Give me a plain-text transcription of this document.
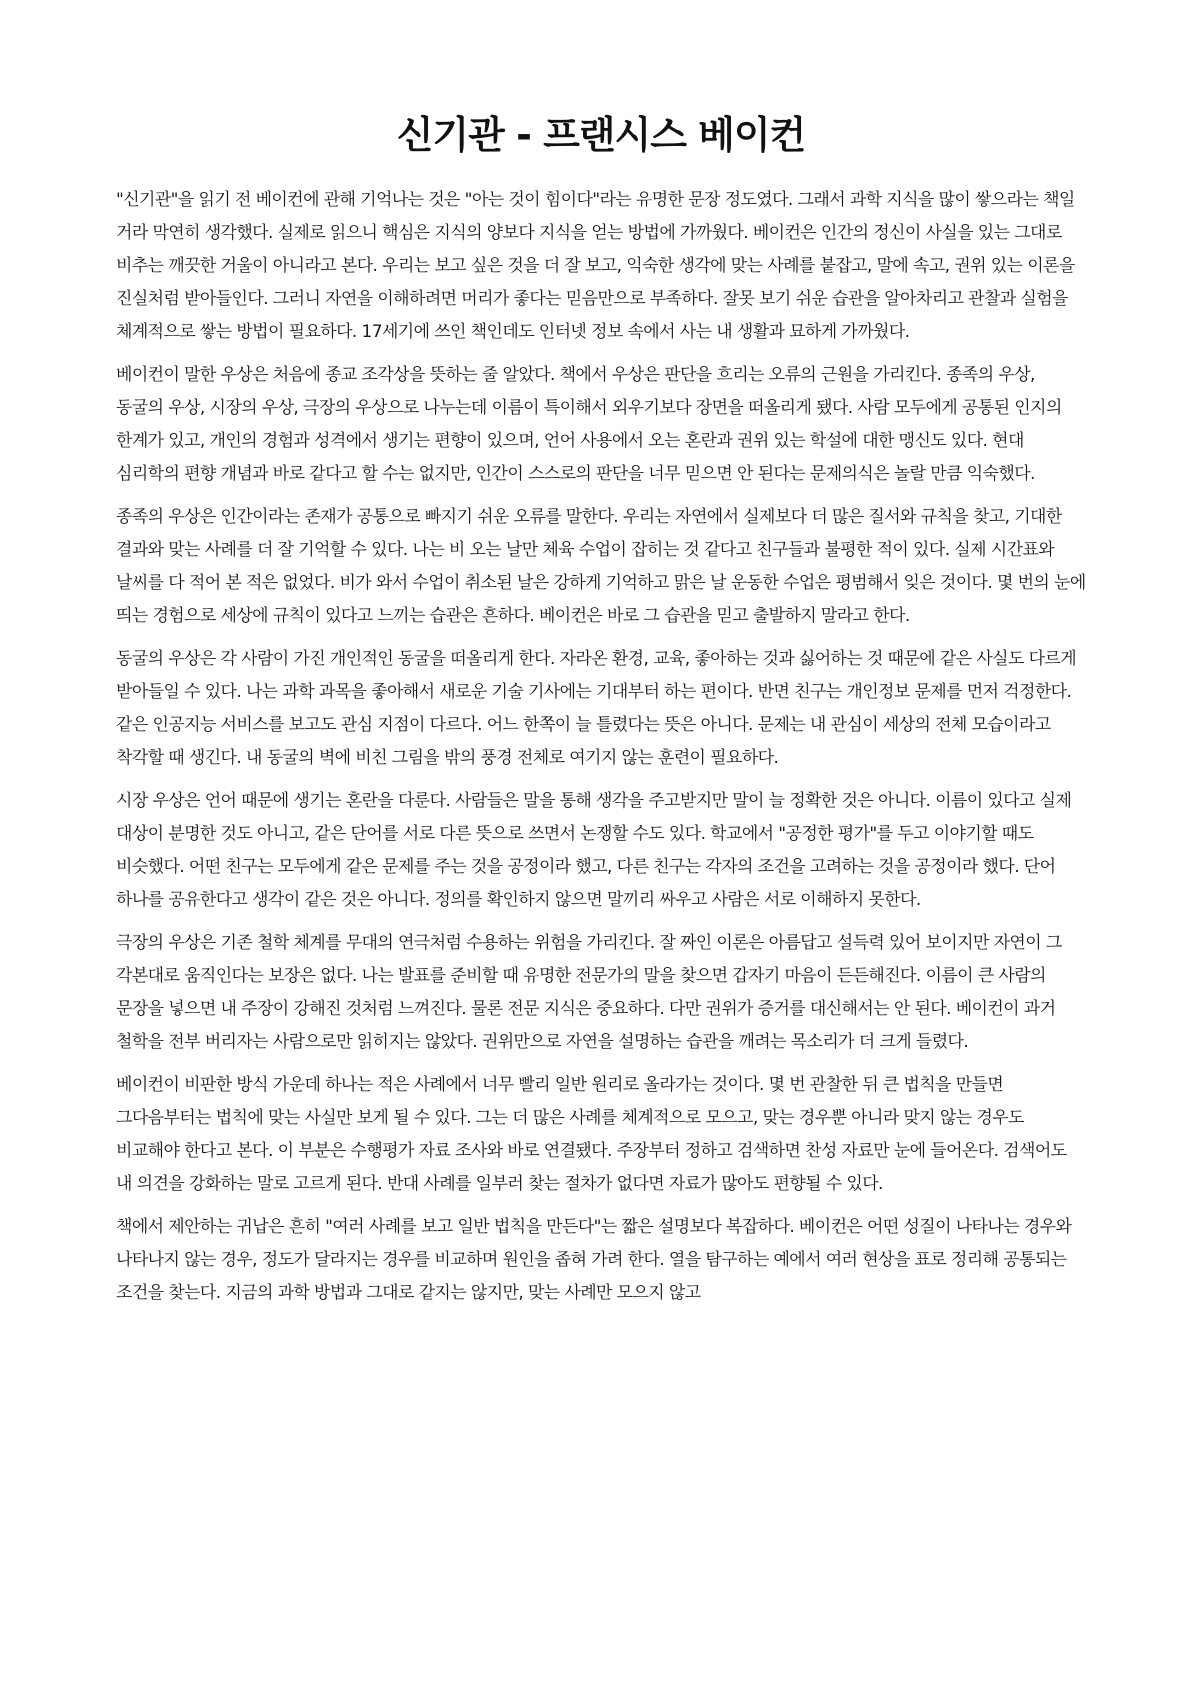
신기관 - 프랜시스 베이컨

"신기관"을 읽기 전 베이컨에 관해 기억나는 것은 "아는 것이 힘이다"라는 유명한 문장 정도였다. 그래서 과학 지식을 많이 쌓으라는 책일 거라 막연히 생각했다. 실제로 읽으니 핵심은 지식의 양보다 지식을 얻는 방법에 가까웠다. 베이컨은 인간의 정신이 사실을 있는 그대로 비추는 깨끗한 거울이 아니라고 본다. 우리는 보고 싶은 것을 더 잘 보고, 익숙한 생각에 맞는 사례를 붙잡고, 말에 속고, 권위 있는 이론을 진실처럼 받아들인다. 그러니 자연을 이해하려면 머리가 좋다는 믿음만으로 부족하다. 잘못 보기 쉬운 습관을 알아차리고 관찰과 실험을 체계적으로 쌓는 방법이 필요하다. 17세기에 쓰인 책인데도 인터넷 정보 속에서 사는 내 생활과 묘하게 가까웠다.

베이컨이 말한 우상은 처음에 종교 조각상을 뜻하는 줄 알았다. 책에서 우상은 판단을 흐리는 오류의 근원을 가리킨다. 종족의 우상, 동굴의 우상, 시장의 우상, 극장의 우상으로 나누는데 이름이 특이해서 외우기보다 장면을 떠올리게 됐다. 사람 모두에게 공통된 인지의 한계가 있고, 개인의 경험과 성격에서 생기는 편향이 있으며, 언어 사용에서 오는 혼란과 권위 있는 학설에 대한 맹신도 있다. 현대 심리학의 편향 개념과 바로 같다고 할 수는 없지만, 인간이 스스로의 판단을 너무 믿으면 안 된다는 문제의식은 놀랄 만큼 익숙했다.

종족의 우상은 인간이라는 존재가 공통으로 빠지기 쉬운 오류를 말한다. 우리는 자연에서 실제보다 더 많은 질서와 규칙을 찾고, 기대한 결과와 맞는 사례를 더 잘 기억할 수 있다. 나는 비 오는 날만 체육 수업이 잡히는 것 같다고 친구들과 불평한 적이 있다. 실제 시간표와 날씨를 다 적어 본 적은 없었다. 비가 와서 수업이 취소된 날은 강하게 기억하고 맑은 날 운동한 수업은 평범해서 잊은 것이다. 몇 번의 눈에 띄는 경험으로 세상에 규칙이 있다고 느끼는 습관은 흔하다. 베이컨은 바로 그 습관을 믿고 출발하지 말라고 한다.

동굴의 우상은 각 사람이 가진 개인적인 동굴을 떠올리게 한다. 자라온 환경, 교육, 좋아하는 것과 싫어하는 것 때문에 같은 사실도 다르게 받아들일 수 있다. 나는 과학 과목을 좋아해서 새로운 기술 기사에는 기대부터 하는 편이다. 반면 친구는 개인정보 문제를 먼저 걱정한다. 같은 인공지능 서비스를 보고도 관심 지점이 다르다. 어느 한쪽이 늘 틀렸다는 뜻은 아니다. 문제는 내 관심이 세상의 전체 모습이라고 착각할 때 생긴다. 내 동굴의 벽에 비친 그림을 밖의 풍경 전체로 여기지 않는 훈련이 필요하다.

시장 우상은 언어 때문에 생기는 혼란을 다룬다. 사람들은 말을 통해 생각을 주고받지만 말이 늘 정확한 것은 아니다. 이름이 있다고 실제 대상이 분명한 것도 아니고, 같은 단어를 서로 다른 뜻으로 쓰면서 논쟁할 수도 있다. 학교에서 "공정한 평가"를 두고 이야기할 때도 비슷했다. 어떤 친구는 모두에게 같은 문제를 주는 것을 공정이라 했고, 다른 친구는 각자의 조건을 고려하는 것을 공정이라 했다. 단어 하나를 공유한다고 생각이 같은 것은 아니다. 정의를 확인하지 않으면 말끼리 싸우고 사람은 서로 이해하지 못한다.

극장의 우상은 기존 철학 체계를 무대의 연극처럼 수용하는 위험을 가리킨다. 잘 짜인 이론은 아름답고 설득력 있어 보이지만 자연이 그 각본대로 움직인다는 보장은 없다. 나는 발표를 준비할 때 유명한 전문가의 말을 찾으면 갑자기 마음이 든든해진다. 이름이 큰 사람의 문장을 넣으면 내 주장이 강해진 것처럼 느껴진다. 물론 전문 지식은 중요하다. 다만 권위가 증거를 대신해서는 안 된다. 베이컨이 과거 철학을 전부 버리자는 사람으로만 읽히지는 않았다. 권위만으로 자연을 설명하는 습관을 깨려는 목소리가 더 크게 들렸다.

베이컨이 비판한 방식 가운데 하나는 적은 사례에서 너무 빨리 일반 원리로 올라가는 것이다. 몇 번 관찰한 뒤 큰 법칙을 만들면 그다음부터는 법칙에 맞는 사실만 보게 될 수 있다. 그는 더 많은 사례를 체계적으로 모으고, 맞는 경우뿐 아니라 맞지 않는 경우도 비교해야 한다고 본다. 이 부분은 수행평가 자료 조사와 바로 연결됐다. 주장부터 정하고 검색하면 찬성 자료만 눈에 들어온다. 검색어도 내 의견을 강화하는 말로 고르게 된다. 반대 사례를 일부러 찾는 절차가 없다면 자료가 많아도 편향될 수 있다.

책에서 제안하는 귀납은 흔히 "여러 사례를 보고 일반 법칙을 만든다"는 짧은 설명보다 복잡하다. 베이컨은 어떤 성질이 나타나는 경우와 나타나지 않는 경우, 정도가 달라지는 경우를 비교하며 원인을 좁혀 가려 한다. 열을 탐구하는 예에서 여러 현상을 표로 정리해 공통되는 조건을 찾는다. 지금의 과학 방법과 그대로 같지는 않지만, 맞는 사례만 모으지 않고
